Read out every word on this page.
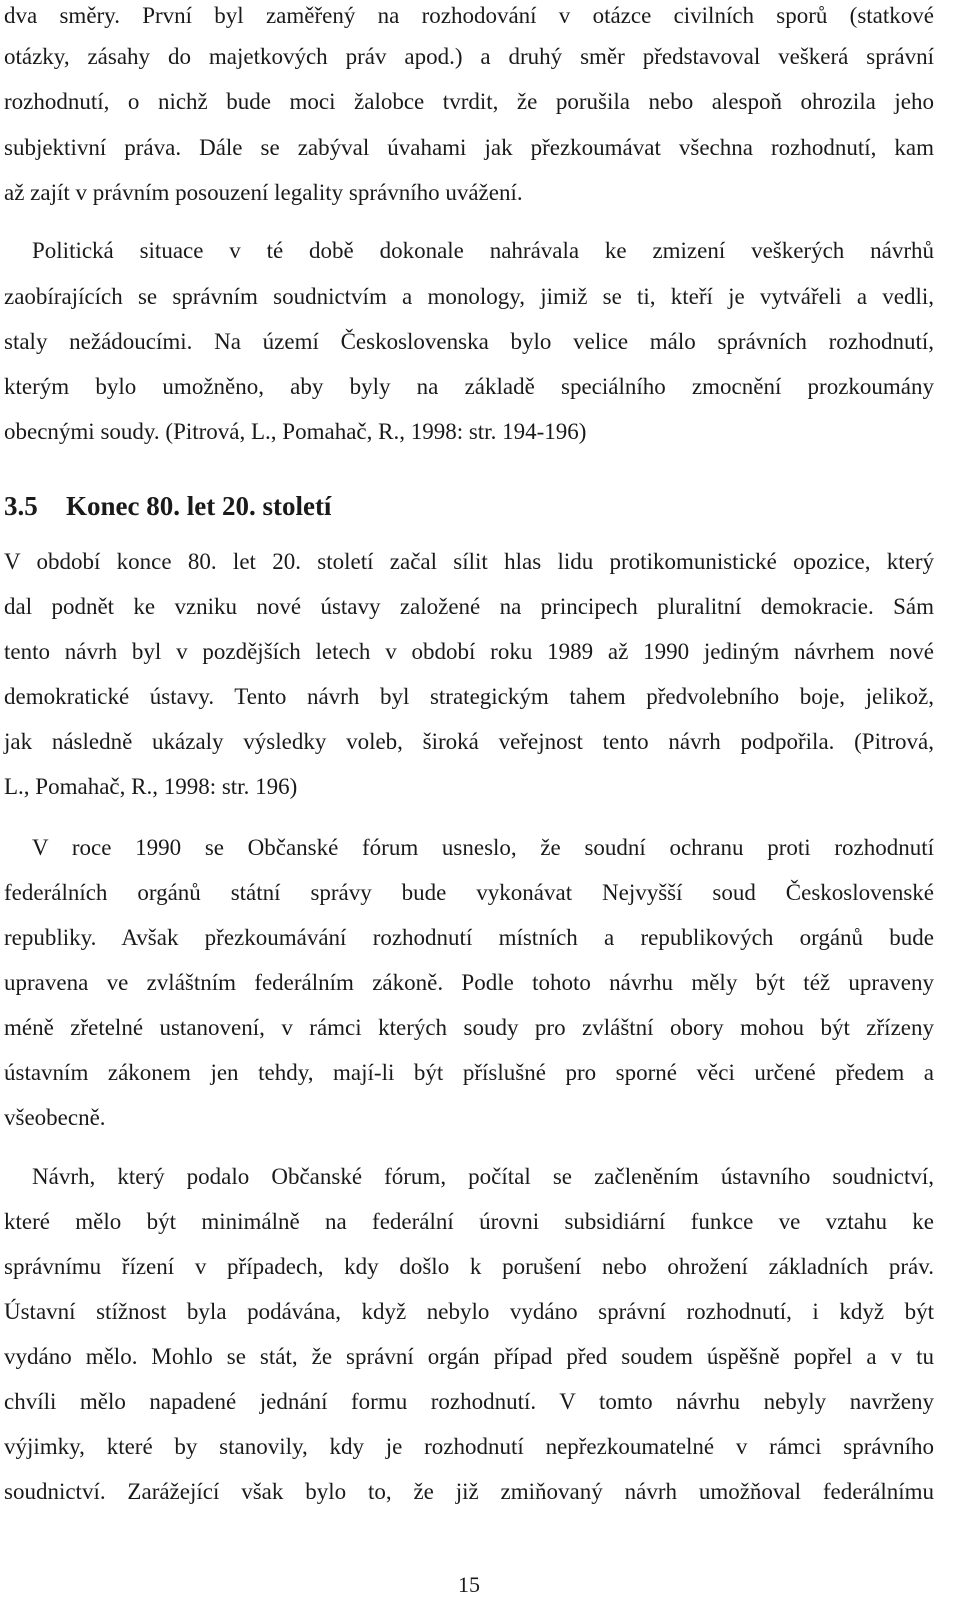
dva směry. První byl zaměřený na rozhodování v otázce civilních sporů (statkové
otázky, zásahy do majetkových práv apod.) a druhý směr představoval veškerá správní
rozhodnutí, o nichž bude moci žalobce tvrdit, že porušila nebo alespoň ohrozila jeho
subjektivní práva. Dále se zabýval úvahami jak přezkoumávat všechna rozhodnutí, kam
až zajít v právním posouzení legality správního uvážení.
Politická situace v té době dokonale nahrávala ke zmizení veškerých návrhů
zaobírajících se správním soudnictvím a monology, jimiž se ti, kteří je vytvářeli a vedli,
staly nežádoucími. Na území Československa bylo velice málo správních rozhodnutí,
kterým bylo umožněno, aby byly na základě speciálního zmocnění prozkoumány
obecnými soudy. (Pitrová, L., Pomahač, R., 1998: str. 194-196)
3.5 Konec 80. let 20. století
V období konce 80. let 20. století začal sílit hlas lidu protikomunistické opozice, který
dal podnět ke vzniku nové ústavy založené na principech pluralitní demokracie. Sám
tento návrh byl v pozdějších letech v období roku 1989 až 1990 jediným návrhem nové
demokratické ústavy. Tento návrh byl strategickým tahem předvolebního boje, jelikož,
jak následně ukázaly výsledky voleb, široká veřejnost tento návrh podpořila. (Pitrová,
L., Pomahač, R., 1998: str. 196)
V roce 1990 se Občanské fórum usneslo, že soudní ochranu proti rozhodnutí
federálních orgánů státní správy bude vykonávat Nejvyšší soud Československé
republiky. Avšak přezkoumávání rozhodnutí místních a republikových orgánů bude
upravena ve zvláštním federálním zákoně. Podle tohoto návrhu měly být též upraveny
méně zřetelné ustanovení, v rámci kterých soudy pro zvláštní obory mohou být zřízeny
ústavním zákonem jen tehdy, mají-li být příslušné pro sporné věci určené předem a
všeobecně.
Návrh, který podalo Občanské fórum, počítal se začleněním ústavního soudnictví,
které mělo být minimálně na federální úrovni subsidiární funkce ve vztahu ke
správnímu řízení v případech, kdy došlo k porušení nebo ohrožení základních práv.
Ústavní stížnost byla podávána, když nebylo vydáno správní rozhodnutí, i když být
vydáno mělo. Mohlo se stát, že správní orgán případ před soudem úspěšně popřel a v tu
chvíli mělo napadené jednání formu rozhodnutí. V tomto návrhu nebyly navrženy
výjimky, které by stanovily, kdy je rozhodnutí nepřezkoumatelné v rámci správního
soudnictví. Zarážející však bylo to, že již zmiňovaný návrh umožňoval federálnímu
15
